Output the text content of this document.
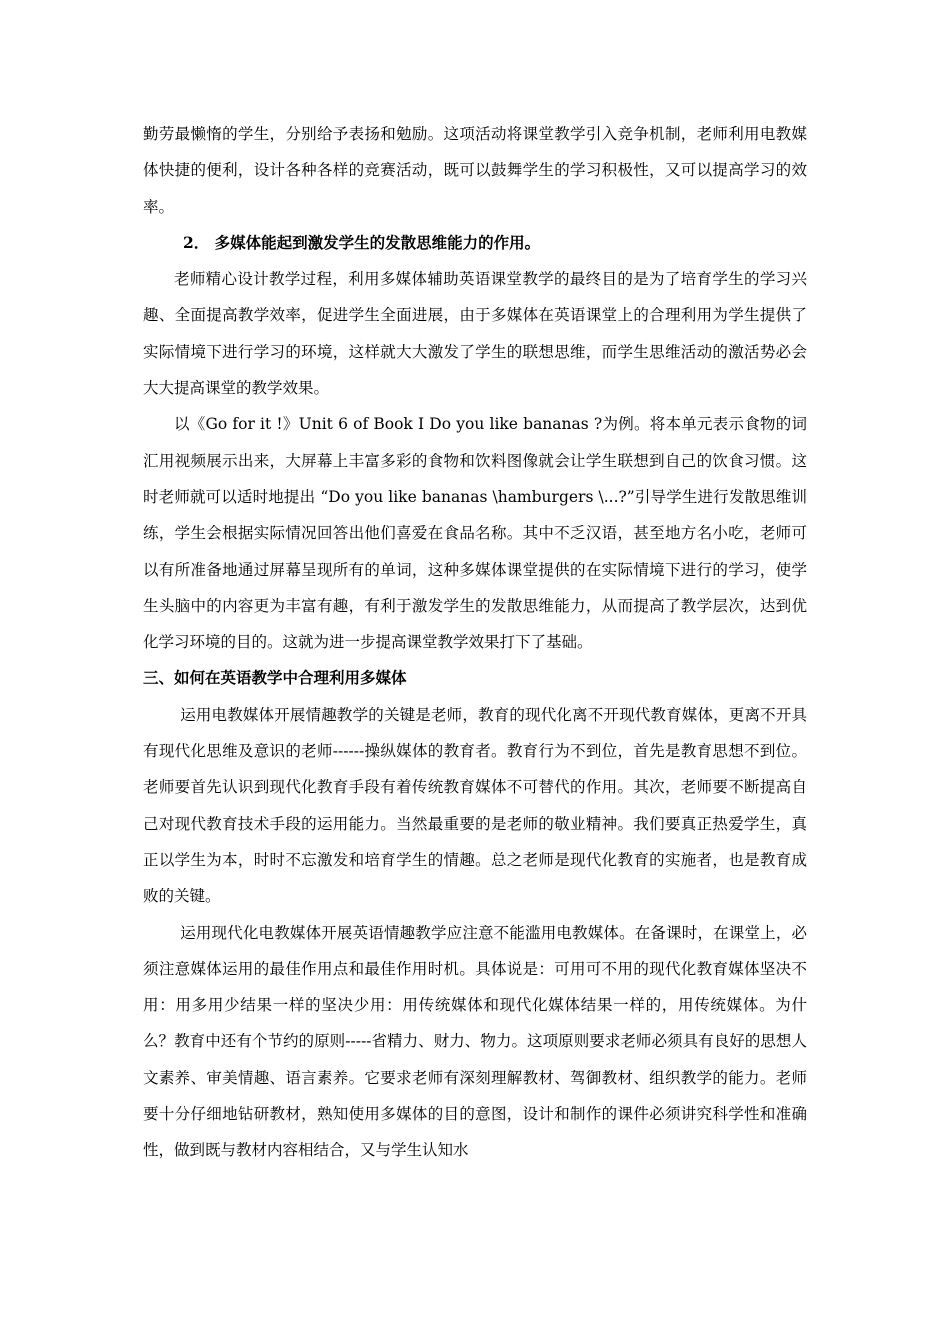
勤劳最懒惰的学生，分别给予表扬和勉励。这项活动将课堂教学引入竞争机制，老师利用电教媒体快捷的便利，设计各种各样的竞赛活动，既可以鼓舞学生的学习积极性，又可以提高学习的效率。

2． 多媒体能起到激发学生的发散思维能力的作用。

老师精心设计教学过程，利用多媒体辅助英语课堂教学的最终目的是为了培育学生的学习兴趣、全面提高教学效率，促进学生全面进展，由于多媒体在英语课堂上的合理利用为学生提供了实际情境下进行学习的环境，这样就大大激发了学生的联想思维，而学生思维活动的激活势必会大大提高课堂的教学效果。

以《Go for it !》Unit 6 of Book I Do you like bananas ?为例。将本单元表示食物的词汇用视频展示出来，大屏幕上丰富多彩的食物和饮料图像就会让学生联想到自己的饮食习惯。这时老师就可以适时地提出 “Do you like bananas \hamburgers \...?”引导学生进行发散思维训练，学生会根据实际情况回答出他们喜爱在食品名称。其中不乏汉语，甚至地方名小吃，老师可以有所准备地通过屏幕呈现所有的单词，这种多媒体课堂提供的在实际情境下进行的学习，使学生头脑中的内容更为丰富有趣，有利于激发学生的发散思维能力，从而提高了教学层次，达到优化学习环境的目的。这就为进一步提高课堂教学效果打下了基础。

三、如何在英语教学中合理利用多媒体

运用电教媒体开展情趣教学的关键是老师，教育的现代化离不开现代教育媒体，更离不开具有现代化思维及意识的老师------操纵媒体的教育者。教育行为不到位，首先是教育思想不到位。老师要首先认识到现代化教育手段有着传统教育媒体不可替代的作用。其次，老师要不断提高自己对现代教育技术手段的运用能力。当然最重要的是老师的敬业精神。我们要真正热爱学生，真正以学生为本，时时不忘激发和培育学生的情趣。总之老师是现代化教育的实施者，也是教育成败的关键。

运用现代化电教媒体开展英语情趣教学应注意不能滥用电教媒体。在备课时，在课堂上，必须注意媒体运用的最佳作用点和最佳作用时机。具体说是：可用可不用的现代化教育媒体坚决不用：用多用少结果一样的坚决少用：用传统媒体和现代化媒体结果一样的，用传统媒体。为什么？教育中还有个节约的原则-----省精力、财力、物力。这项原则要求老师必须具有良好的思想人文素养、审美情趣、语言素养。它要求老师有深刻理解教材、驾御教材、组织教学的能力。老师要十分仔细地钻研教材，熟知使用多媒体的目的意图，设计和制作的课件必须讲究科学性和准确性，做到既与教材内容相结合，又与学生认知水
